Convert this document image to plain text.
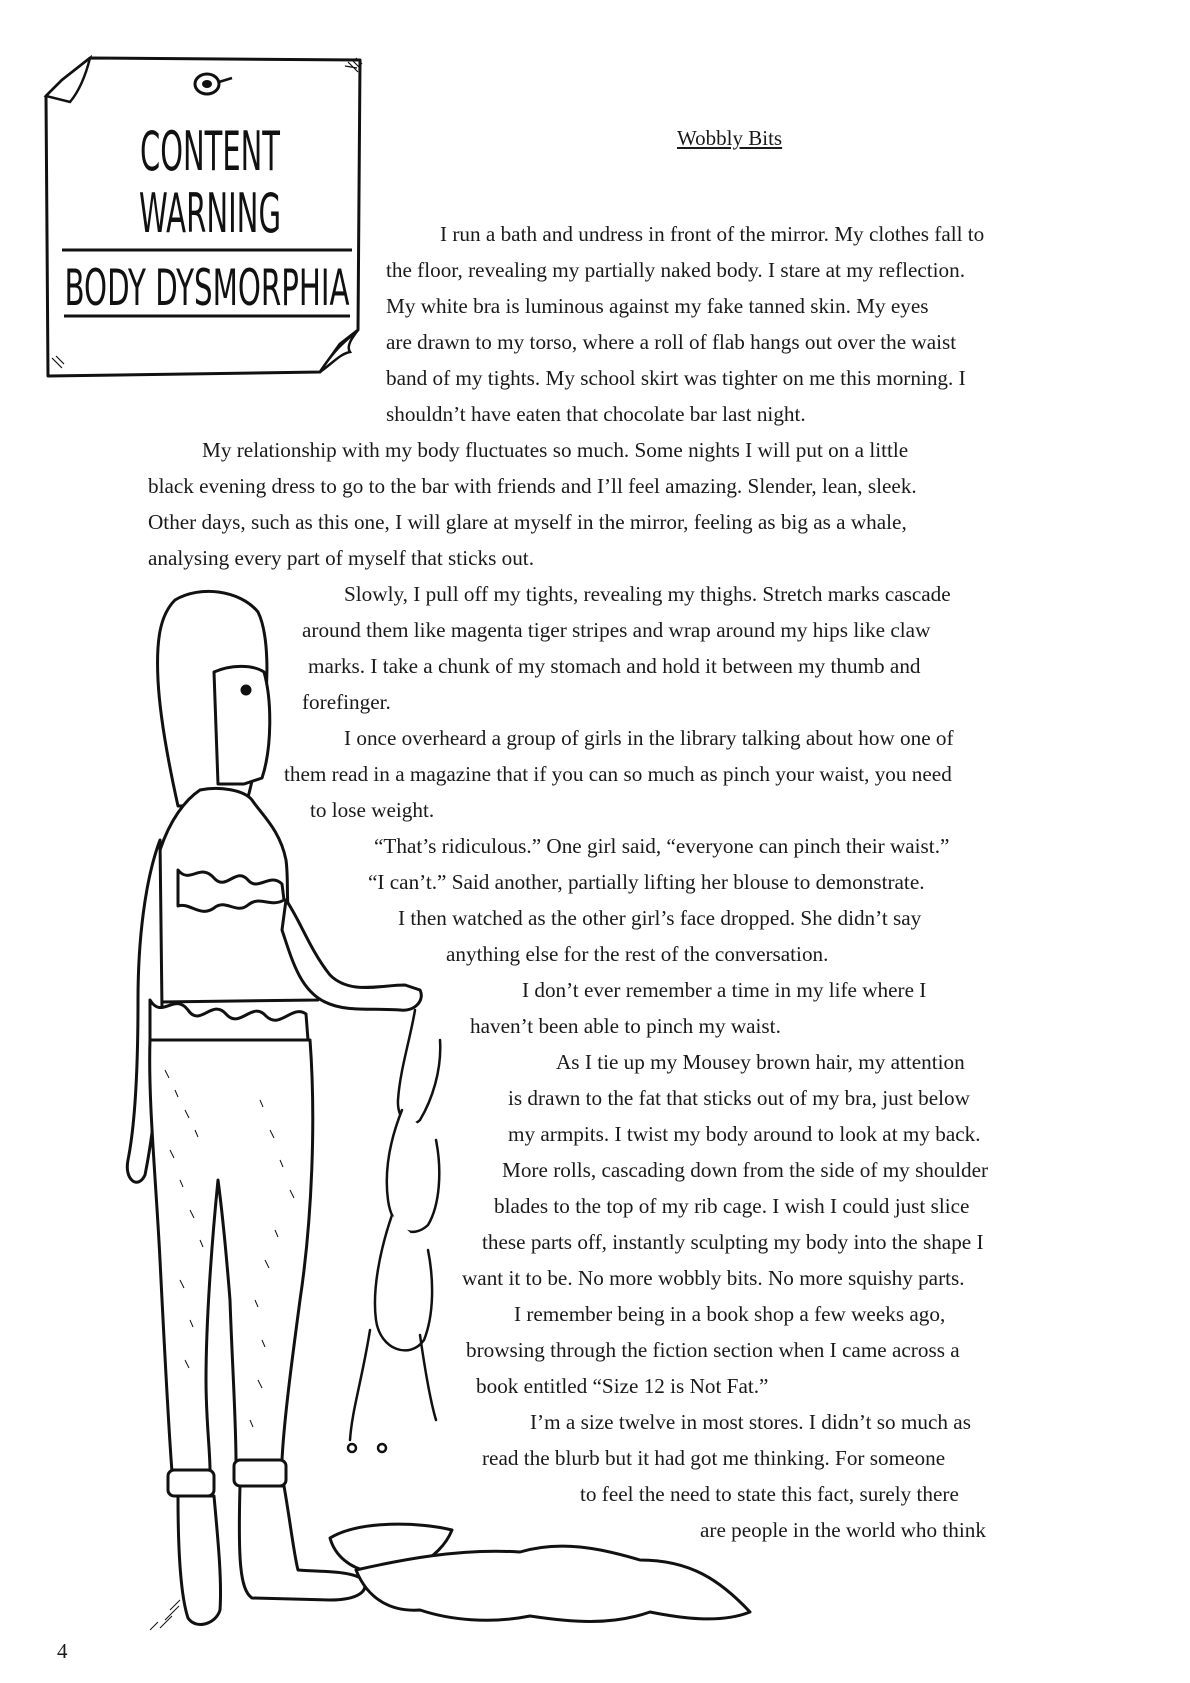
CONTENT
WARNING
BODY DYSMORPHIA
Wobbly Bits
I run a bath and undress in front of the mirror. My clothes fall to
the floor, revealing my partially naked body. I stare at my reflection.
My white bra is luminous against my fake tanned skin. My eyes
are drawn to my torso, where a roll of flab hangs out over the waist
band of my tights. My school skirt was tighter on me this morning. I
shouldn’t have eaten that chocolate bar last night.
My relationship with my body fluctuates so much. Some nights I will put on a little
black evening dress to go to the bar with friends and I’ll feel amazing. Slender, lean, sleek.
Other days, such as this one, I will glare at myself in the mirror, feeling as big as a whale,
analysing every part of myself that sticks out.
Slowly, I pull off my tights, revealing my thighs. Stretch marks cascade
around them like magenta tiger stripes and wrap around my hips like claw
marks. I take a chunk of my stomach and hold it between my thumb and
forefinger.
I once overheard a group of girls in the library talking about how one of
them read in a magazine that if you can so much as pinch your waist, you need
to lose weight.
“That’s ridiculous.” One girl said, “everyone can pinch their waist.”
“I can’t.” Said another, partially lifting her blouse to demonstrate.
I then watched as the other girl’s face dropped. She didn’t say
anything else for the rest of the conversation.
I don’t ever remember a time in my life where I
haven’t been able to pinch my waist.
As I tie up my Mousey brown hair, my attention
is drawn to the fat that sticks out of my bra, just below
my armpits. I twist my body around to look at my back.
More rolls, cascading down from the side of my shoulder
blades to the top of my rib cage. I wish I could just slice
these parts off, instantly sculpting my body into the shape I
want it to be. No more wobbly bits. No more squishy parts.
I remember being in a book shop a few weeks ago,
browsing through the fiction section when I came across a
book entitled “Size 12 is Not Fat.”
I’m a size twelve in most stores. I didn’t so much as
read the blurb but it had got me thinking. For someone
to feel the need to state this fact, surely there
are people in the world who think
4
